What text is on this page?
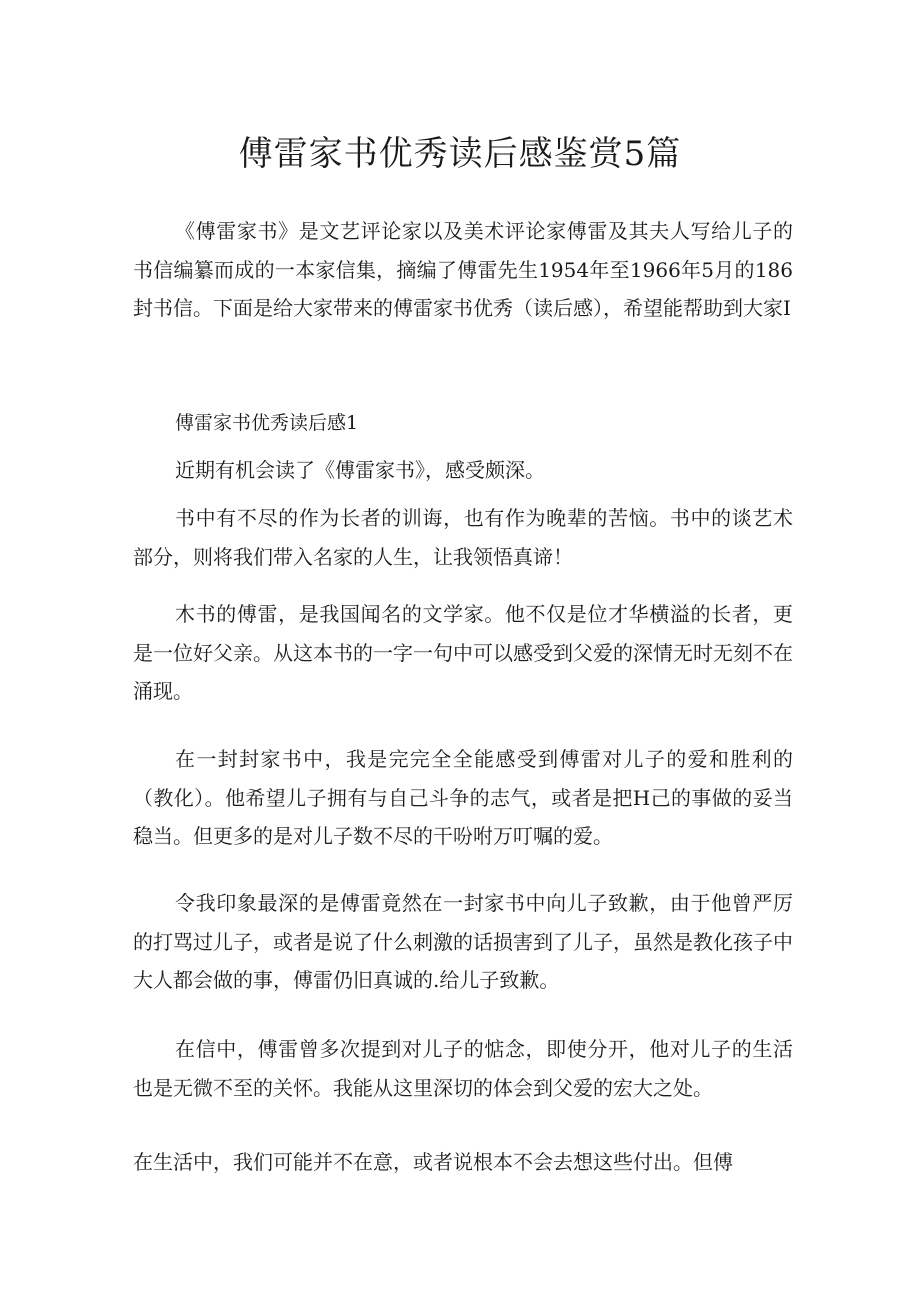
傅雷家书优秀读后感鉴赏5篇

《傅雷家书》是文艺评论家以及美术评论家傅雷及其夫人写给儿子的书信编纂而成的一本家信集，摘编了傅雷先生1954年至1966年5月的186封书信。下面是给大家带来的傅雷家书优秀（读后感），希望能帮助到大家I

傅雷家书优秀读后感1

近期有机会读了《傅雷家书》，感受颇深。

书中有不尽的作为长者的训诲，也有作为晚辈的苦恼。书中的谈艺术部分，则将我们带入名家的人生，让我领悟真谛！

木书的傅雷，是我国闻名的文学家。他不仅是位才华横溢的长者，更是一位好父亲。从这本书的一字一句中可以感受到父爱的深情无时无刻不在涌现。

在一封封家书中，我是完完全全能感受到傅雷对儿子的爱和胜利的（教化）。他希望儿子拥有与自己斗争的志气，或者是把H己的事做的妥当稳当。但更多的是对儿子数不尽的干吩咐万叮嘱的爱。

令我印象最深的是傅雷竟然在一封家书中向儿子致歉，由于他曾严厉的打骂过儿子，或者是说了什么刺激的话损害到了儿子，虽然是教化孩子中大人都会做的事，傅雷仍旧真诚的.给儿子致歉。

在信中，傅雷曾多次提到对儿子的惦念，即使分开，他对儿子的生活也是无微不至的关怀。我能从这里深切的体会到父爱的宏大之处。

在生活中，我们可能并不在意，或者说根本不会去想这些付出。但傅
